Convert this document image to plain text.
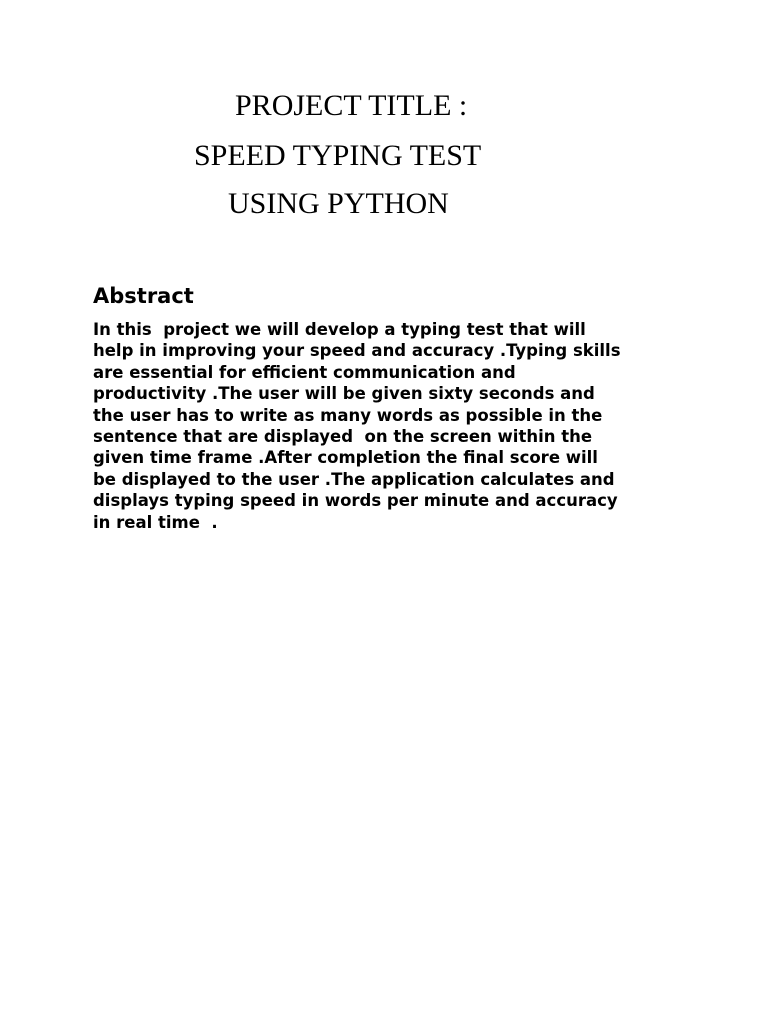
PROJECT TITLE :
SPEED TYPING TEST
USING PYTHON
Abstract
In this  project we will develop a typing test that will
help in improving your speed and accuracy .Typing skills
are essential for efficient communication and
productivity .The user will be given sixty seconds and
the user has to write as many words as possible in the
sentence that are displayed  on the screen within the
given time frame .After completion the final score will
be displayed to the user .The application calculates and
displays typing speed in words per minute and accuracy
in real time  .
